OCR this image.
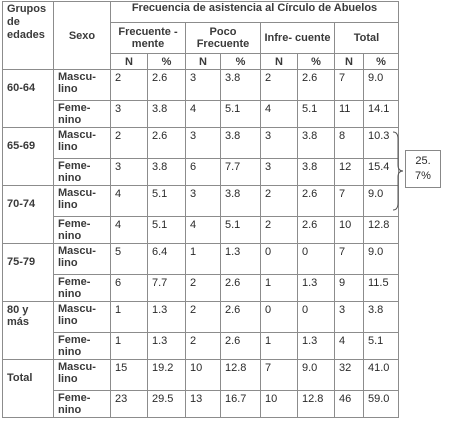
Grupos de edades	Sexo	Frecuencia de asistencia al Círculo de Abuelos							
		Frecuente -mente		Poco Frecuente		Infre- cuente		Total	
		N	%	N	%	N	%	N	%
60-64	Mascu- lino	2	2.6	3	3.8	2	2.6	7	9.0

	Feme- nino	3	3.8	4	5.1	4	5.1	11	14.1

65-69	Mascu- lino	2	2.6	3	3.8	3	3.8	8	10.3

	Feme- nino	3	3.8	6	7.7	3	3.8	12	15.4

70-74	Mascu- lino	4	5.1	3	3.8	2	2.6	7	9.0

	Feme- nino	4	5.1	4	5.1	2	2.6	10	12.8

75-79	Mascu- lino	5	6.4	1	1.3	0	0	7	9.0

	Feme- nino	6	7.7	2	2.6	1	1.3	9	11.5

80 y más	Mascu- lino	1	1.3	2	2.6	0	0	3	3.8

	Feme- nino	1	1.3	2	2.6	1	1.3	4	5.1

Total	Mascu- lino	15	19.2	10	12.8	7	9.0	32	41.0

	Feme- nino	23	29.5	13	16.7	10	12.8	46	59.0
25. 7%
